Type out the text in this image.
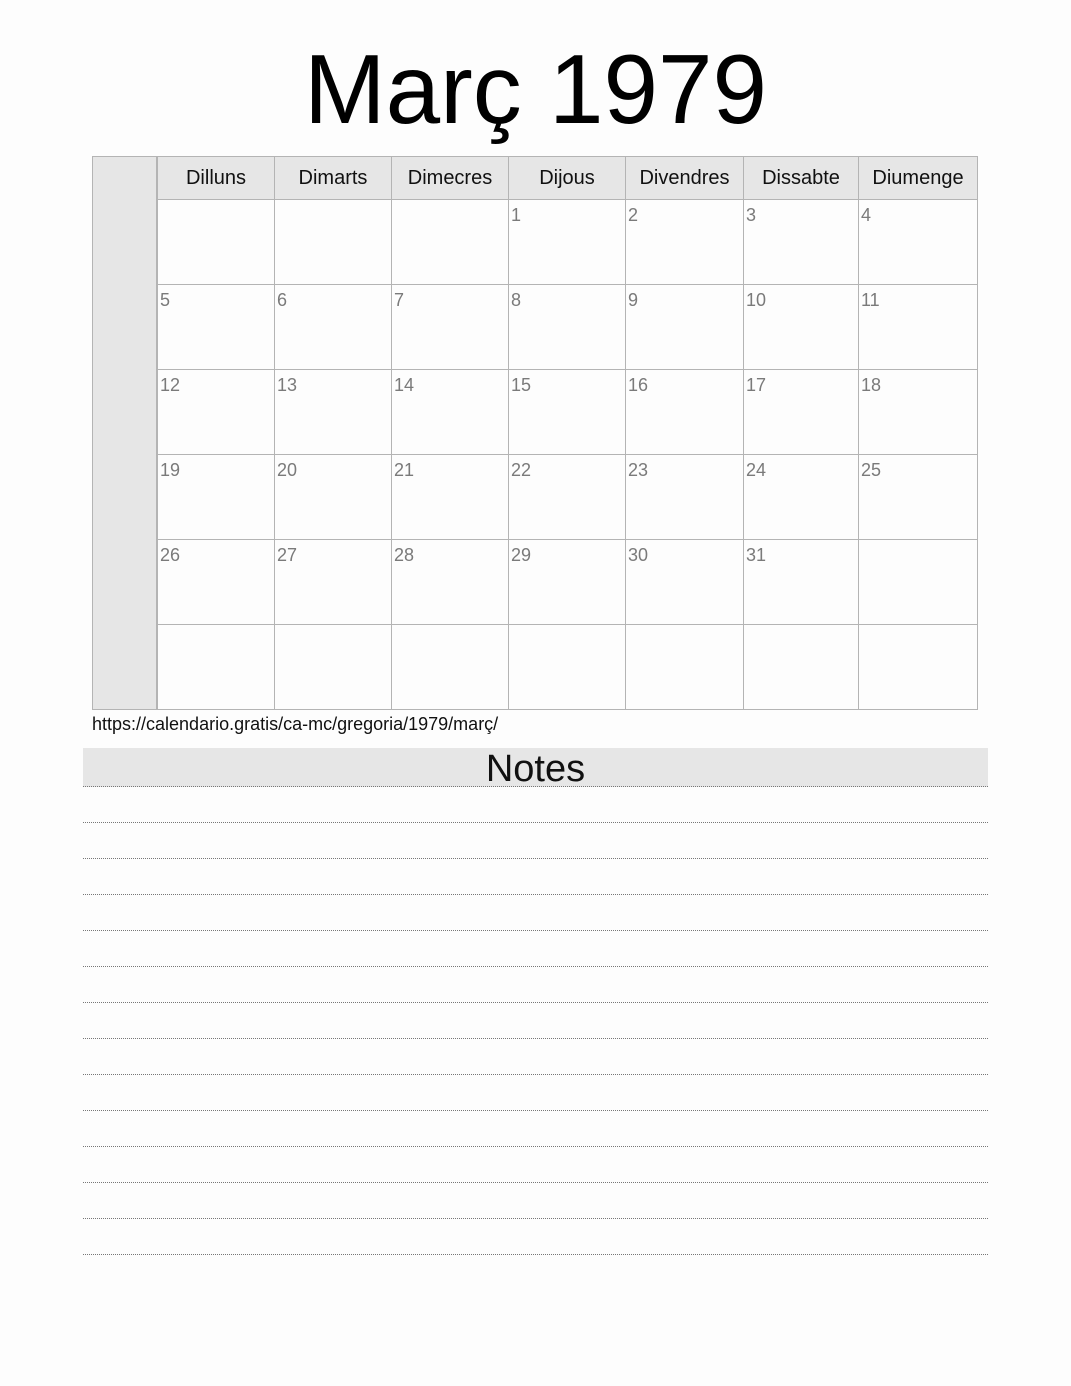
Març 1979
Dilluns	Dimarts	Dimecres	Dijous	Divendres	Dissabte	Diumenge

			1	2	3	4

5	6	7	8	9	10	11

12	13	14	15	16	17	18

19	20	21	22	23	24	25

26	27	28	29	30	31	

https://calendario.gratis/ca-mc/gregoria/1979/març/
Notes
